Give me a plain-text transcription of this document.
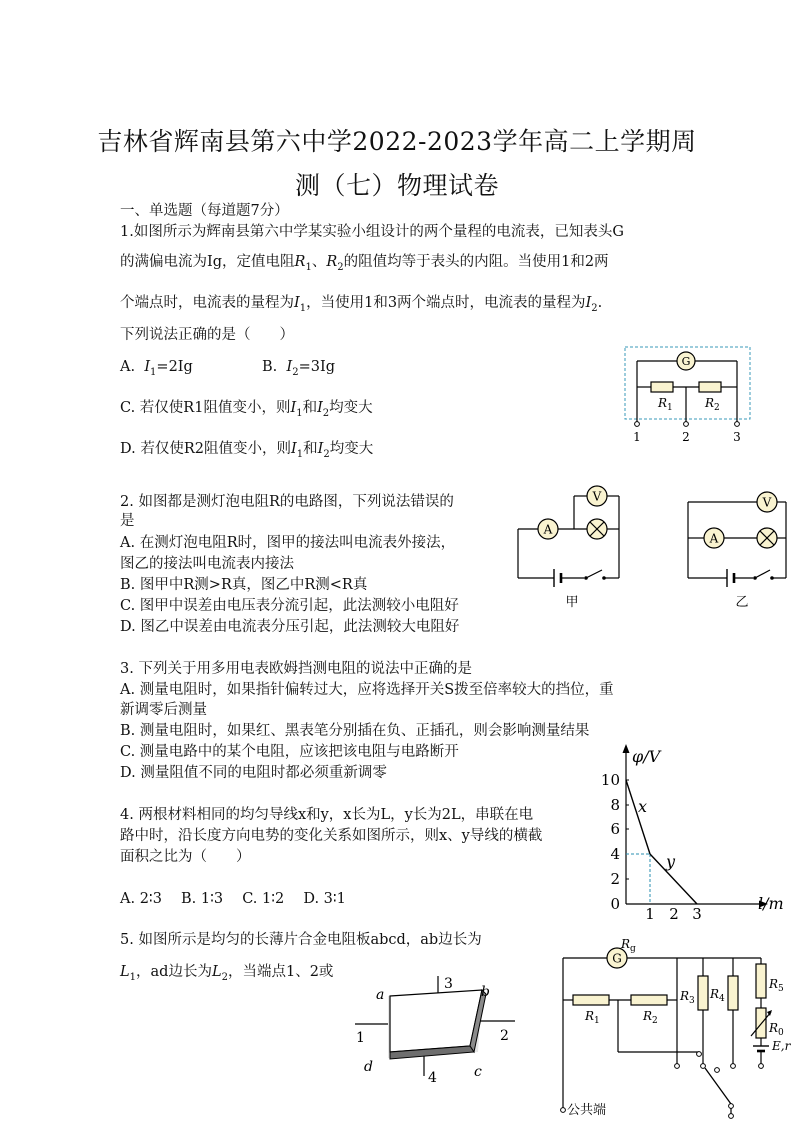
吉林省辉南县第六中学2022-2023学年高二上学期周
测（七）物理试卷
一、单选题（每道题7分）
1.如图所示为辉南县第六中学某实验小组设计的两个量程的电流表，已知表头G
的满偏电流为Ig，定值电阻$R_1$、$R_2$的阻值均等于表头的内阻。当使用1和2两
个端点时，电流表的量程为$I_1$，当使用1和3两个端点时，电流表的量程为$I_2$.
下列说法正确的是（　　）
A. $I_1=2Ig$	B. $I_2=3Ig$
C. 若仅使R1阻值变小，则$I_1$和$I_2$均变大
D. 若仅使R2阻值变小，则$I_1$和$I_2$均变大
G
$R_1$	$R_2$
1	2	3
2. 如图都是测灯泡电阻R的电路图，下列说法错误的
是
A. 在测灯泡电阻R时，图甲的接法叫电流表外接法，
图乙的接法叫电流表内接法
B. 图甲中R测>R真，图乙中R测<R真
C. 图甲中误差由电压表分流引起，此法测较小电阻好
D. 图乙中误差由电流表分压引起，此法测较大电阻好
V
A
甲
V
A
乙
3. 下列关于用多用电表欧姆挡测电阻的说法中正确的是
A. 测量电阻时，如果指针偏转过大，应将选择开关S拨至倍率较大的挡位，重
新调零后测量
B. 测量电阻时，如果红、黑表笔分别插在负、正插孔，则会影响测量结果
C. 测量电路中的某个电阻，应该把该电阻与电路断开
D. 测量阻值不同的电阻时都必须重新调零
4. 两根材料相同的均匀导线x和y，x长为L，y长为2L，串联在电
路中时，沿长度方向电势的变化关系如图所示，则x、y导线的横截
面积之比为（　　）
A. 2∶3　 B. 1∶3　 C. 1∶2　 D. 3∶1
φ/V
l/m
10
8
6
4
2
0
x
y
1 2 3
5. 如图所示是均匀的长薄片合金电阻板abcd，ab边长为
$L_1$，ad边长为$L_2$，当端点1、2或
a	b
c
d
1	2
3
4
$R_g$
G
公共端
$R_1$	$R_2$
$R_3$ $R_4$
$R_5$
$R_0$
E,r
